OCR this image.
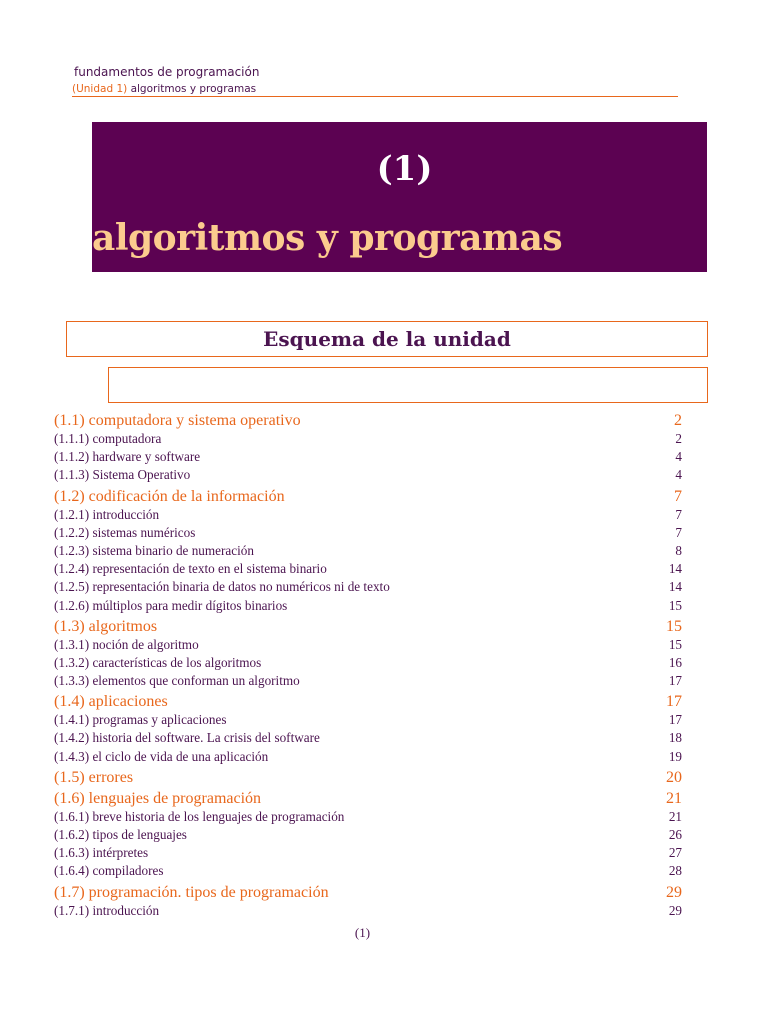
fundamentos de programación
(Unidad 1) algoritmos y programas
(1)
algoritmos y programas
Esquema de la unidad
(1.1) computadora y sistema operativo	2
(1.1.1) computadora	2
(1.1.2) hardware y software	4
(1.1.3) Sistema Operativo	4
(1.2) codificación de la información	7
(1.2.1) introducción	7
(1.2.2) sistemas numéricos	7
(1.2.3) sistema binario de numeración	8
(1.2.4) representación de texto en el sistema binario	14
(1.2.5) representación binaria de datos no numéricos ni de texto	14
(1.2.6) múltiplos para medir dígitos binarios	15
(1.3) algoritmos	15
(1.3.1) noción de algoritmo	15
(1.3.2) características de los algoritmos	16
(1.3.3) elementos que conforman un algoritmo	17
(1.4) aplicaciones	17
(1.4.1) programas y aplicaciones	17
(1.4.2) historia del software. La crisis del software	18
(1.4.3) el ciclo de vida de una aplicación	19
(1.5) errores	20
(1.6) lenguajes de programación	21
(1.6.1) breve historia de los lenguajes de programación	21
(1.6.2) tipos de lenguajes	26
(1.6.3) intérpretes	27
(1.6.4) compiladores	28
(1.7) programación. tipos de programación	29
(1.7.1) introducción	29
(1)
